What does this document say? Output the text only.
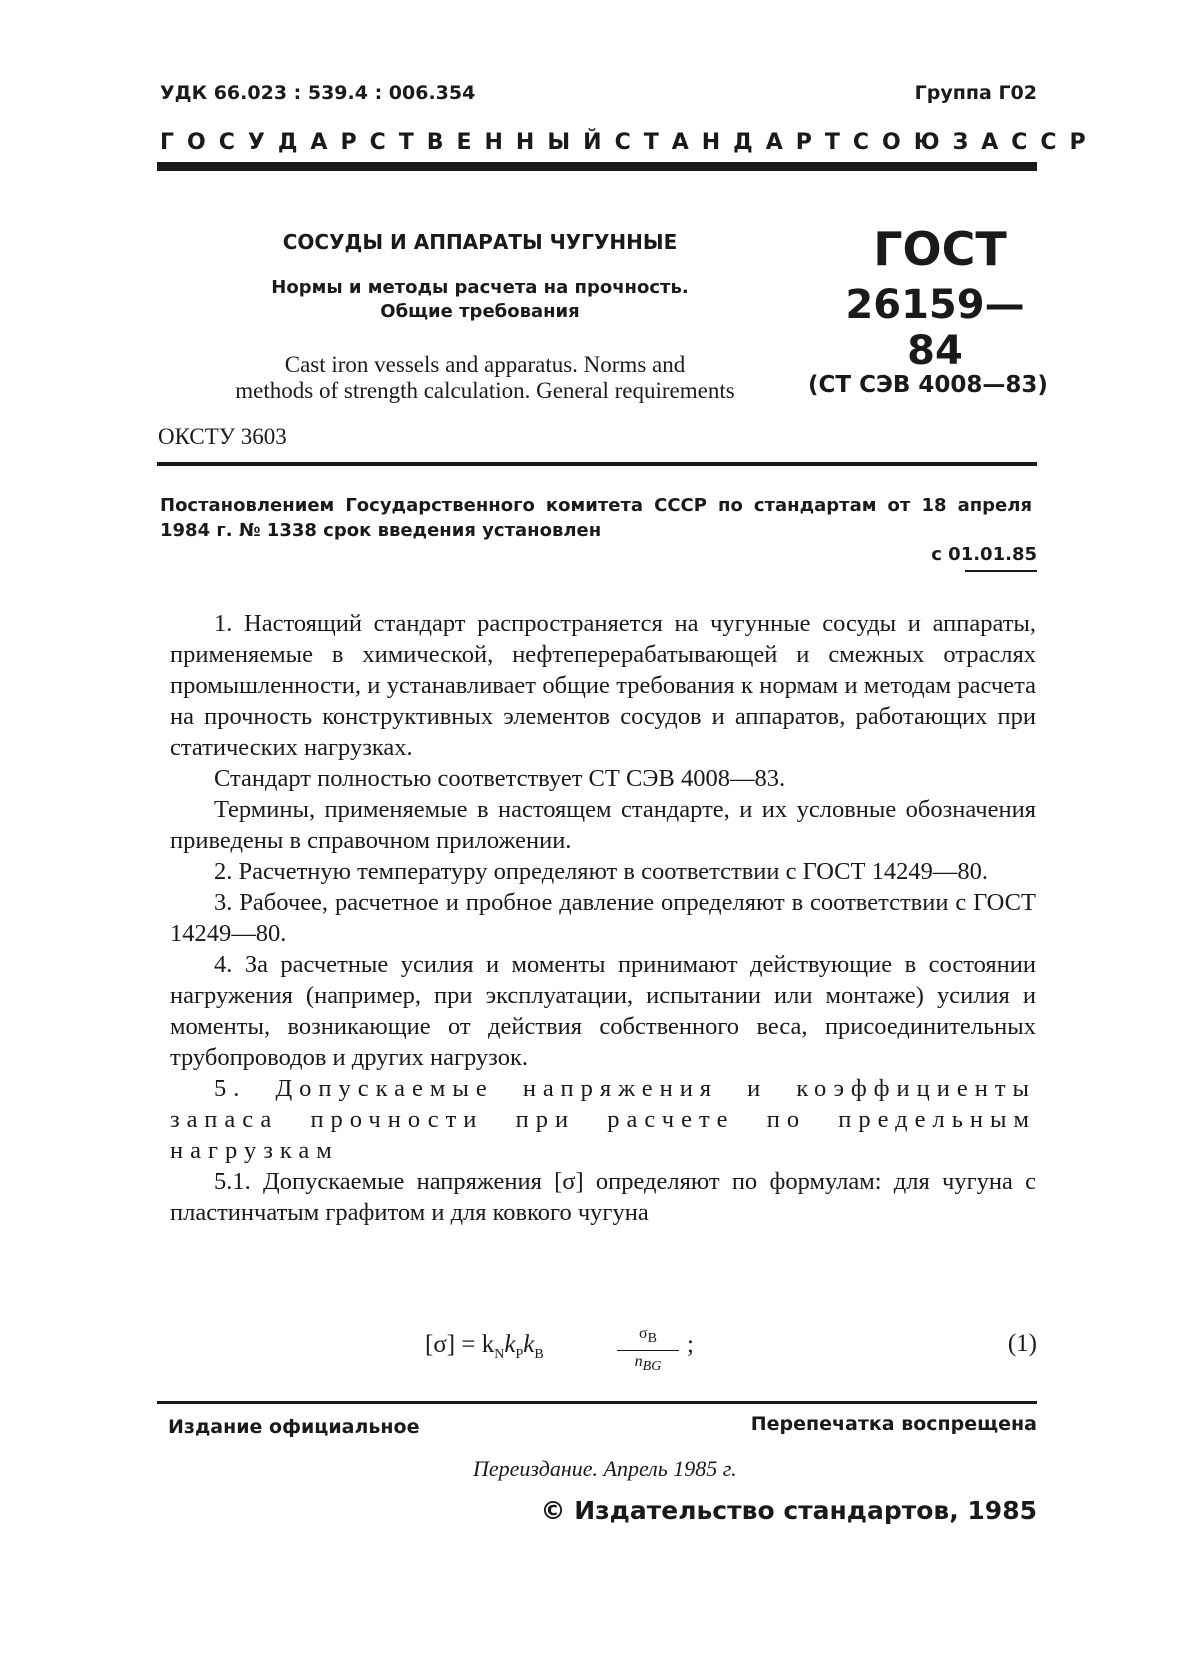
УДК 66.023 : 539.4 : 006.354	Группа Г02
ГОСУДАРСТВЕННЫЙ СТАНДАРТ СОЮЗА ССР
СОСУДЫ И АППАРАТЫ ЧУГУННЫЕ
Нормы и методы расчета на прочность.
Общие требования
Cast iron vessels and apparatus. Norms and
methods of strength calculation. General requirements
ГОСТ
26159—84
(СТ СЭВ 4008—83)
ОКСТУ 3603
Постановлением Государственного комитета СССР по стандартам от 18 апреля 1984 г. № 1338 срок введения установлен
с 01.01.85

1. Настоящий стандарт распространяется на чугунные сосуды и аппараты, применяемые в химической, нефтеперерабатывающей и смежных отраслях промышленности, и устанавливает общие требования к нормам и методам расчета на прочность конструктивных элементов сосудов и аппаратов, работающих при статических нагрузках.

Стандарт полностью соответствует СТ СЭВ 4008—83.

Термины, применяемые в настоящем стандарте, и их условные обозначения приведены в справочном приложении.

2. Расчетную температуру определяют в соответствии с ГОСТ 14249—80.

3. Рабочее, расчетное и пробное давление определяют в соответствии с ГОСТ 14249—80.

4. За расчетные усилия и моменты принимают действующие в состоянии нагружения (например, при эксплуатации, испытании или монтаже) усилия и моменты, возникающие от действия собственного веса, присоединительных трубопроводов и других нагрузок.

5. Допускаемые напряжения и коэффициенты запаса прочности при расчете по предельным нагрузкам

5.1. Допускаемые напряжения [σ] определяют по формулам: для чугуна с пластинчатым графитом и для ковкого чугуна

$[\sigma] = k_Nk_Pk_B$
$\sigma_B$
$n_{BG}$
;	(1)
Издание официальное	Перепечатка воспрещена
Переиздание. Апрель 1985 г.
© Издательство стандартов, 1985
